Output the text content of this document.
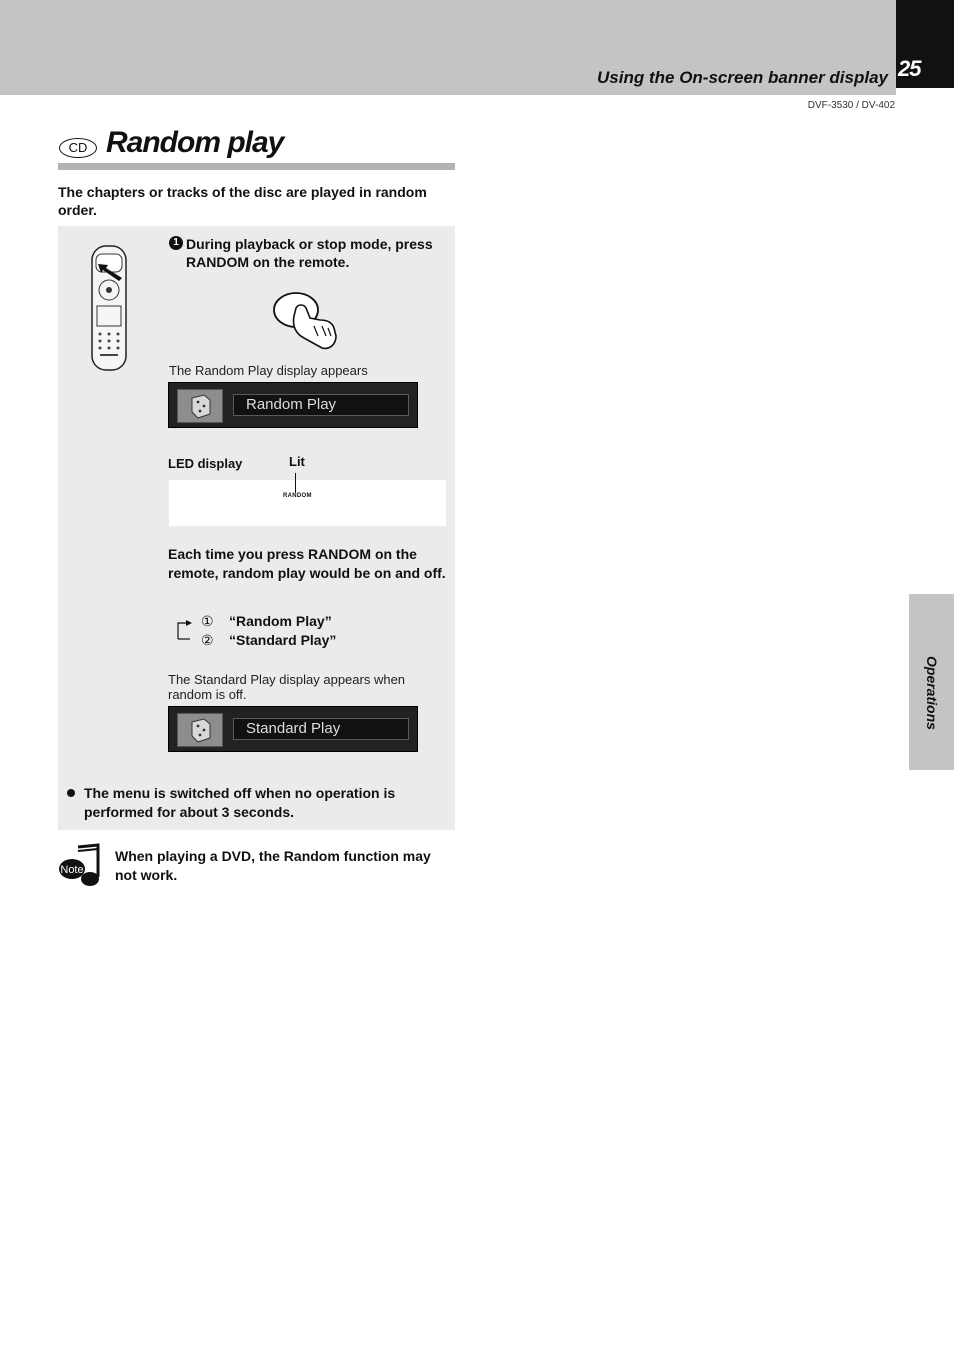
25
Using the On-screen banner display
DVF-3530 / DV-402
CD Random play
The chapters or tracks of the disc are played in random order.
1 During playback or stop mode, press RANDOM on the remote.
The Random Play display appears
Random Play
LED display	Lit
RANDOM
Each time you press RANDOM on the remote, random play would be on and off.
① “Random Play”
② “Standard Play”
The Standard Play display appears when random is off.
Standard Play
The menu is switched off when no operation is performed for about 3 seconds.
Note
When playing a DVD, the Random function may not work.
Operations
